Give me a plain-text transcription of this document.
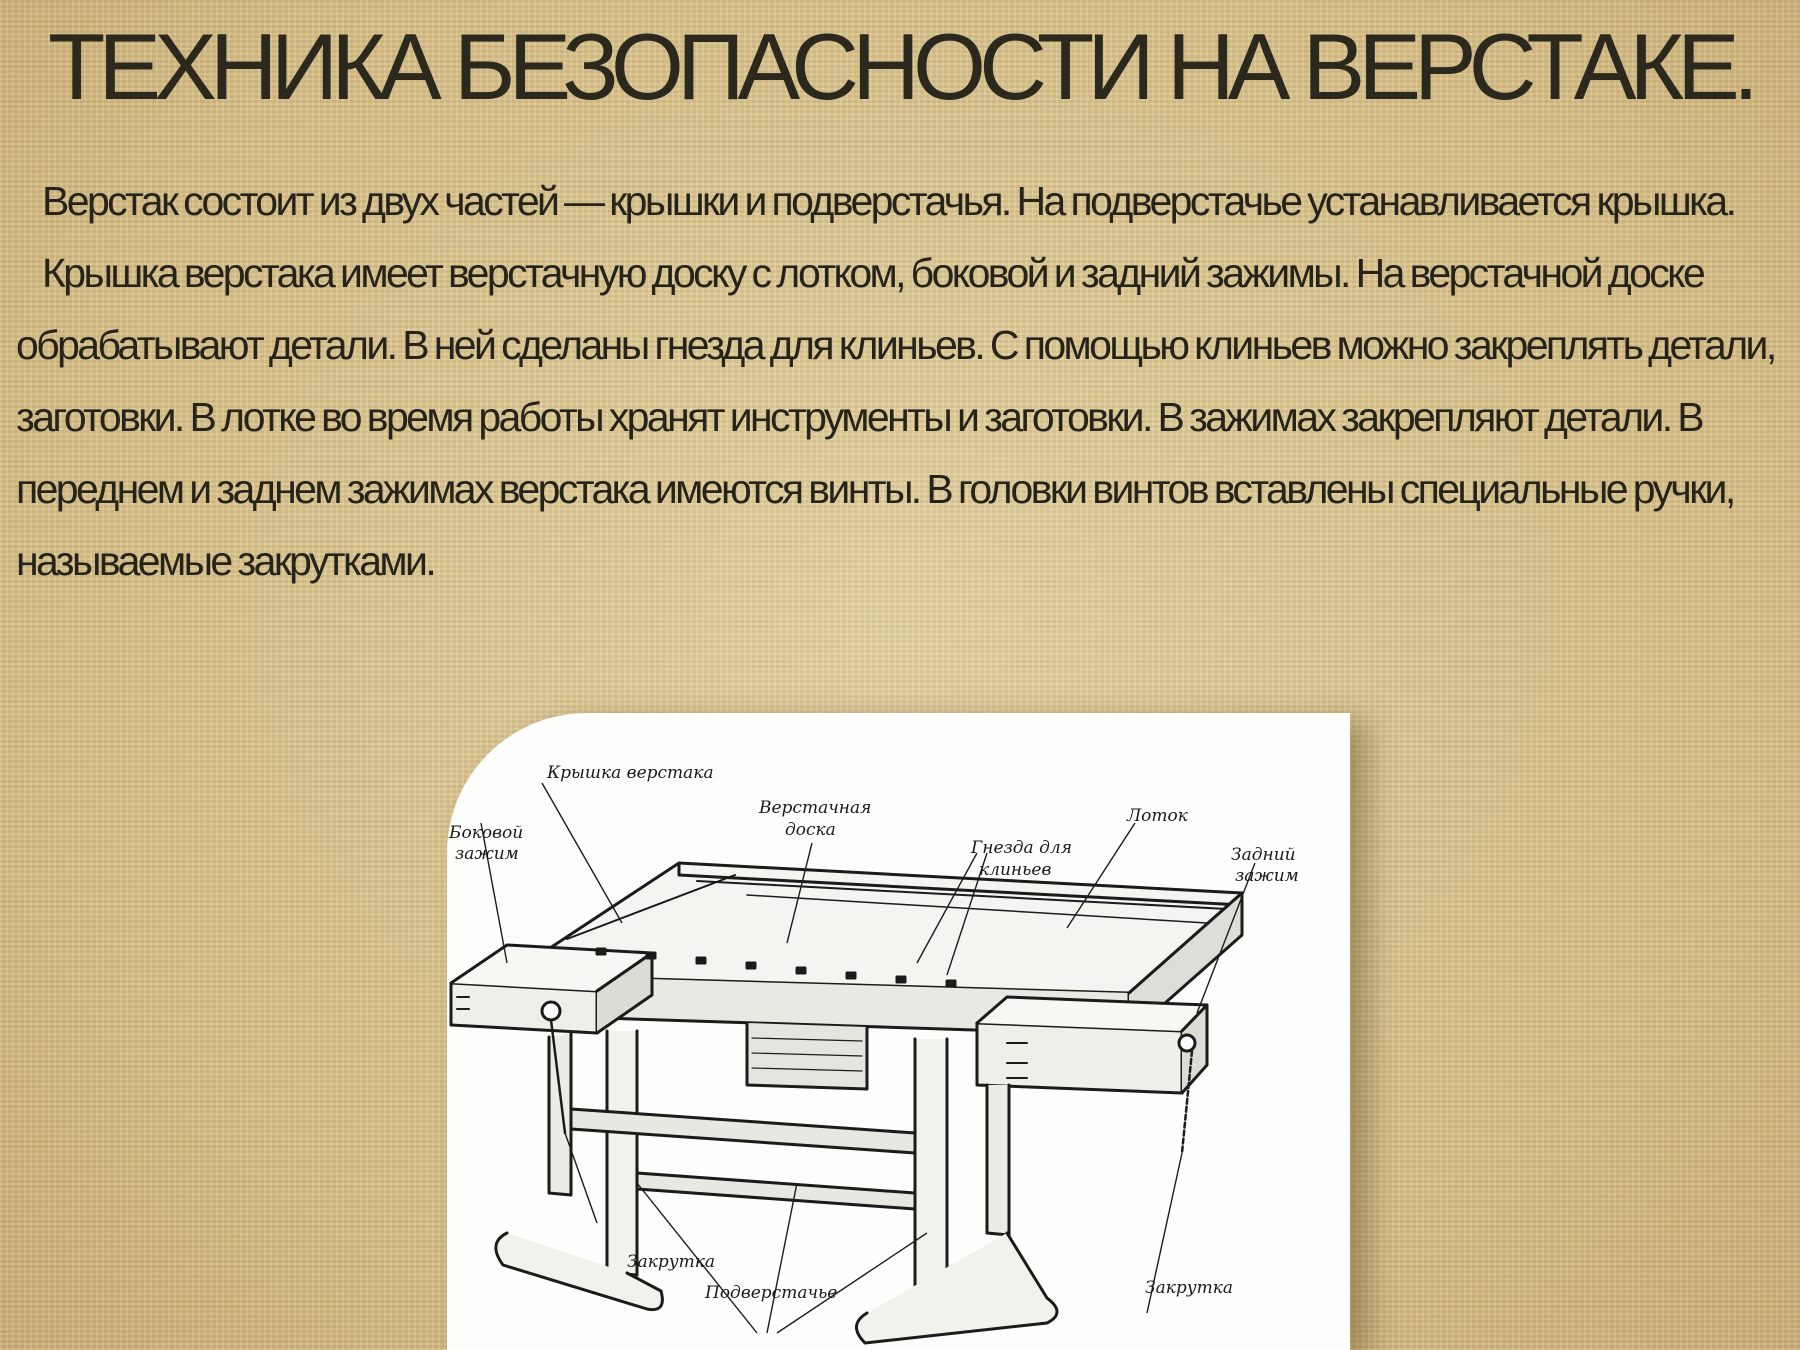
ТЕХНИКА БЕЗОПАСНОСТИ НА ВЕРСТАКЕ.

Верстак состоит из двух частей — крышки и подверстачья. На подверстачье устанавливается крышка.

Крышка верстака имеет верстачную доску с лотком, боковой и задний зажимы. На верстачной доске обрабатывают детали. В ней сделаны гнезда для клиньев. С помощью клиньев можно закреплять детали, заготовки. В лотке во время работы хранят инструменты и заготовки. В зажимах закрепляют детали. В переднем и заднем зажимах верстака имеются винты. В головки винтов вставлены специальные ручки, называемые закрутками.

Крышка верстака
Боковой
зажим
Верстачная
доска
Гнезда для
клиньев
Лоток
Задний
зажим
Закрутка
Подверстачье	Закрутка
